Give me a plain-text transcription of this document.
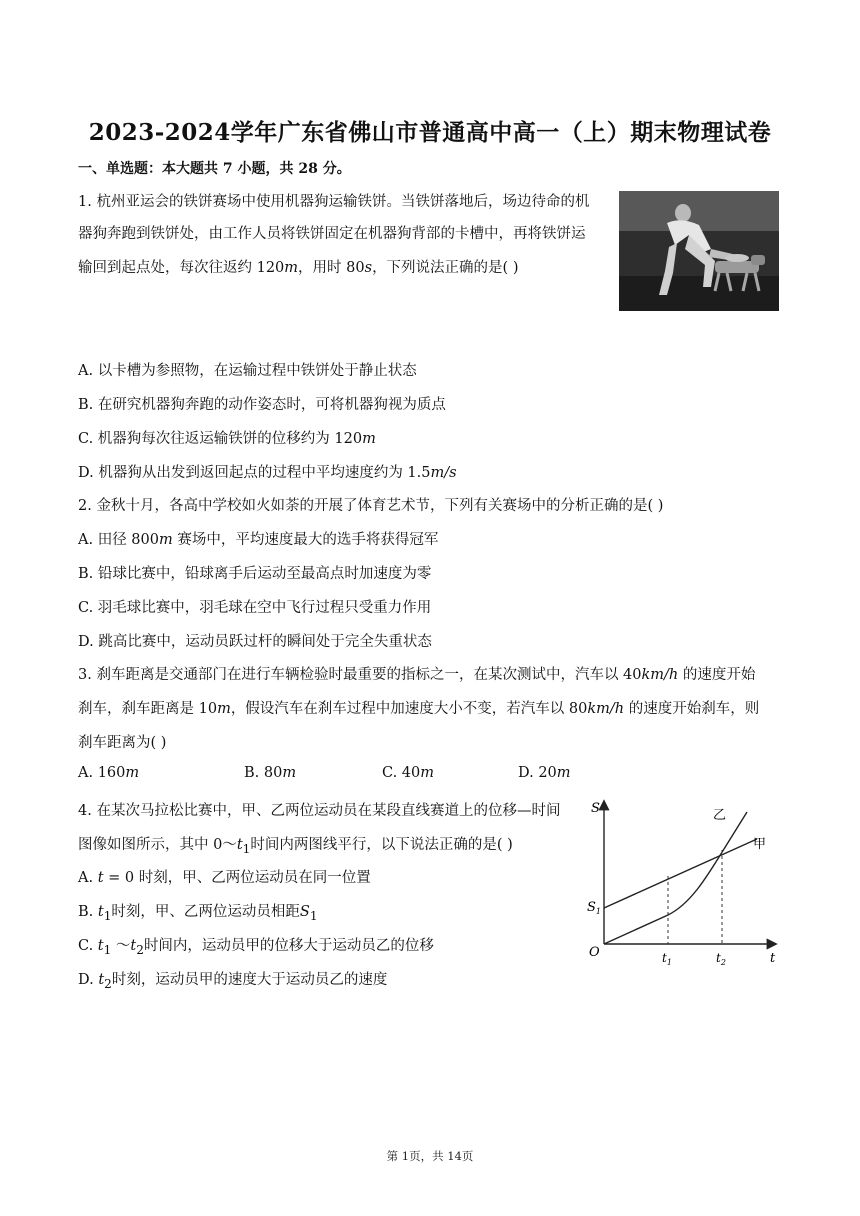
2023-2024学年广东省佛山市普通高中高一（上）期末物理试卷
一、单选题：本大题共 7 小题，共 28 分。
1. 杭州亚运会的铁饼赛场中使用机器狗运输铁饼。当铁饼落地后，场边待命的机
器狗奔跑到铁饼处，由工作人员将铁饼固定在机器狗背部的卡槽中，再将铁饼运
输回到起点处，每次往返约 120m，用时 80s，下列说法正确的是( )
A. 以卡槽为参照物，在运输过程中铁饼处于静止状态
B. 在研究机器狗奔跑的动作姿态时，可将机器狗视为质点
C. 机器狗每次往返运输铁饼的位移约为 120m
D. 机器狗从出发到返回起点的过程中平均速度约为 1.5m/s
2. 金秋十月，各高中学校如火如荼的开展了体育艺术节，下列有关赛场中的分析正确的是( )
A. 田径 800m 赛场中，平均速度最大的选手将获得冠军
B. 铅球比赛中，铅球离手后运动至最高点时加速度为零
C. 羽毛球比赛中，羽毛球在空中飞行过程只受重力作用
D. 跳高比赛中，运动员跃过杆的瞬间处于完全失重状态
3. 刹车距离是交通部门在进行车辆检验时最重要的指标之一，在某次测试中，汽车以 40km/h 的速度开始
刹车，刹车距离是 10m，假设汽车在刹车过程中加速度大小不变，若汽车以 80km/h 的速度开始刹车，则
刹车距离为( )
A. 160m	B. 80m	C. 40m	D. 20m
4. 在某次马拉松比赛中，甲、乙两位运动员在某段直线赛道上的位移—时间
图像如图所示，其中 $0\sim t_1$时间内两图线平行，以下说法正确的是( )
A. t = 0 时刻，甲、乙两位运动员在同一位置
B. $t_1$时刻，甲、乙两位运动员相距$S_1$
C. $t_1$ $\sim t_2$时间内，运动员甲的位移大于运动员乙的位移
D. $t_2$时刻，运动员甲的速度大于运动员乙的速度
S
t
O
$S_1$
$t_1$	$t_2$
甲
乙
第 1页，共 14页
